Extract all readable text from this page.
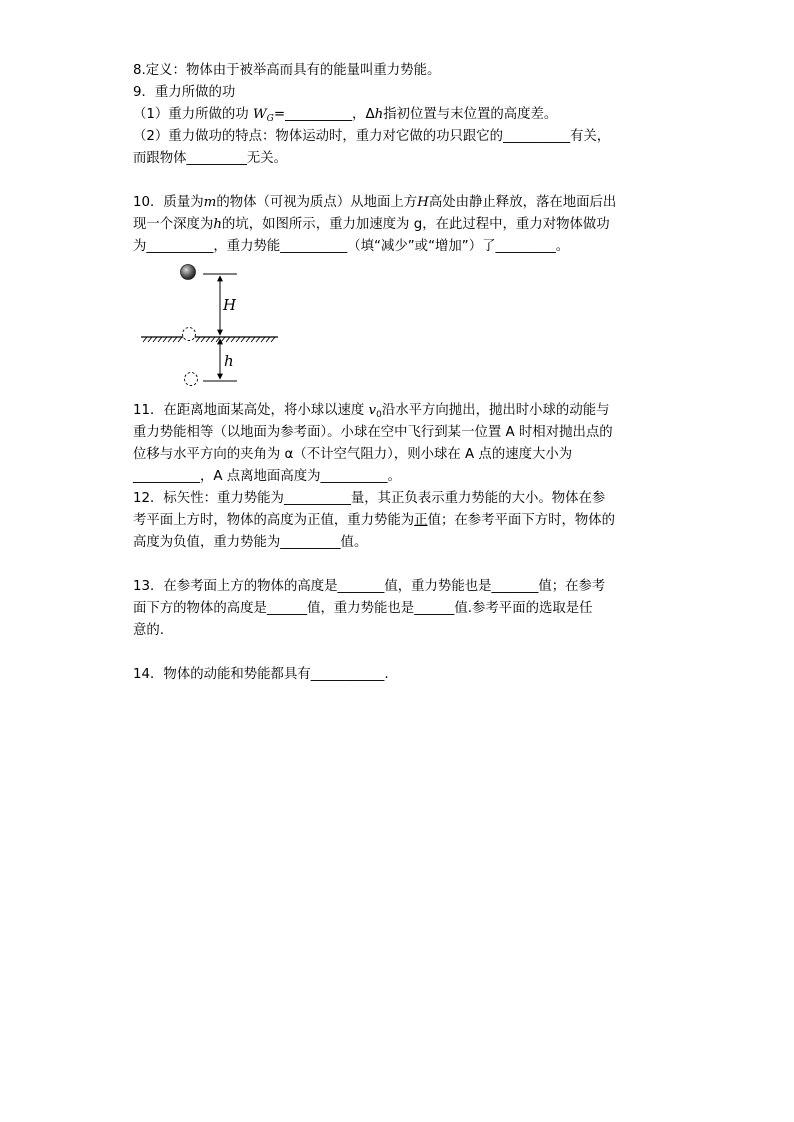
8.定义：物体由于被举高而具有的能量叫重力势能。
9．重力所做的功
（1）重力所做的功 $W_G=\_\_\_\_\_\_\_\_\_\_$，Δh指初位置与末位置的高度差。
（2）重力做功的特点：物体运动时，重力对它做的功只跟它的__________有关，
而跟物体_________无关。
10．质量为m的物体（可视为质点）从地面上方H高处由静止释放，落在地面后出
现一个深度为h的坑，如图所示，重力加速度为 g，在此过程中，重力对物体做功
为__________，重力势能__________（填“减少”或“增加”）了_________。
H
h
11．在距离地面某高处，将小球以速度 $v_0$沿水平方向抛出，抛出时小球的动能与
重力势能相等（以地面为参考面）。小球在空中飞行到某一位置 A 时相对抛出点的
位移与水平方向的夹角为 α（不计空气阻力），则小球在 A 点的速度大小为
__________，A 点离地面高度为__________。
12．标矢性：重力势能为__________量，其正负表示重力势能的大小。物体在参
考平面上方时，物体的高度为正值，重力势能为正值；在参考平面下方时，物体的
高度为负值，重力势能为_________值。
13．在参考面上方的物体的高度是_______值，重力势能也是_______值；在参考
面下方的物体的高度是______值，重力势能也是______值.参考平面的选取是任
意的.
14．物体的动能和势能都具有___________.
